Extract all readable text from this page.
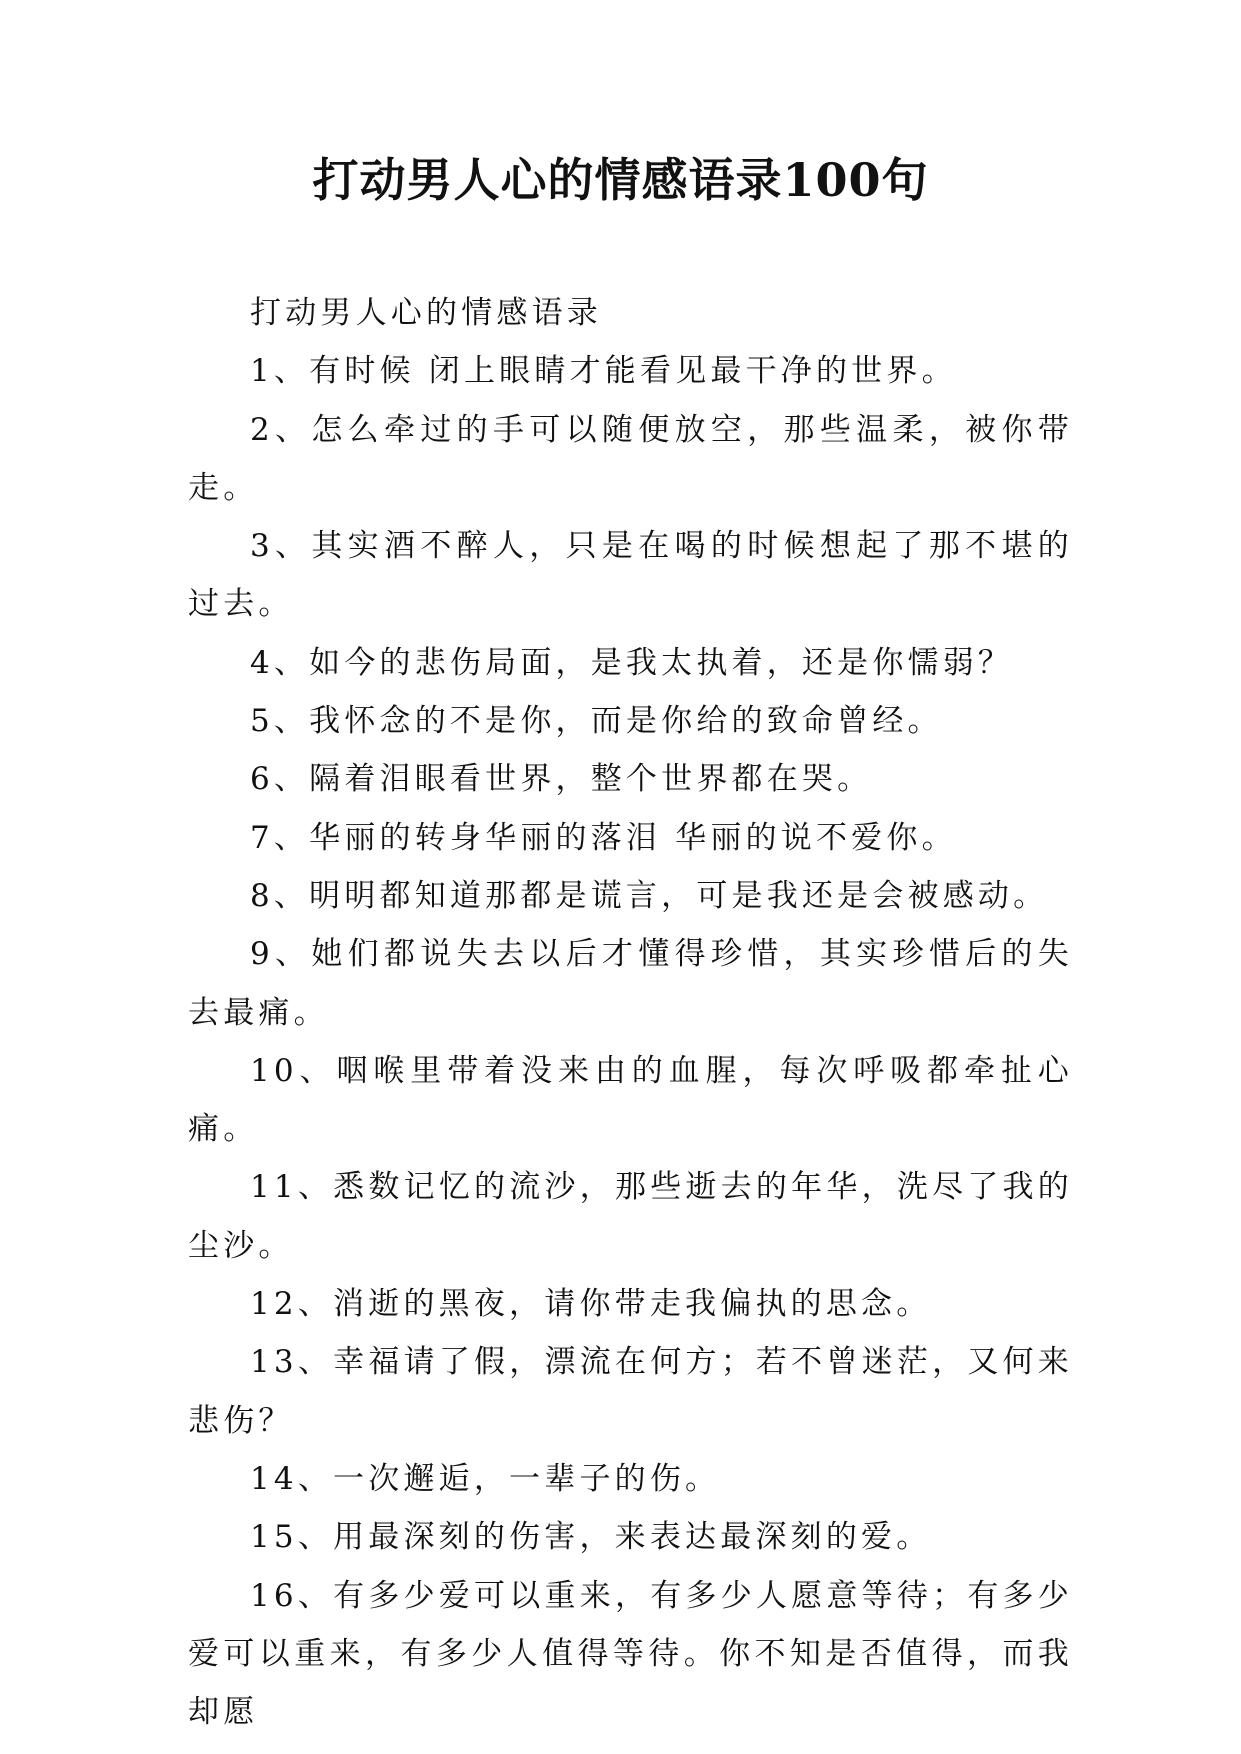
打动男人心的情感语录100句

打动男人心的情感语录

1、有时候 闭上眼睛才能看见最干净的世界。

2、怎么牵过的手可以随便放空，那些温柔，被你带走。

3、其实酒不醉人，只是在喝的时候想起了那不堪的过去。

4、如今的悲伤局面，是我太执着，还是你懦弱？

5、我怀念的不是你，而是你给的致命曾经。

6、隔着泪眼看世界，整个世界都在哭。

7、华丽的转身华丽的落泪 华丽的说不爱你。

8、明明都知道那都是谎言，可是我还是会被感动。

9、她们都说失去以后才懂得珍惜，其实珍惜后的失去最痛。

10、咽喉里带着没来由的血腥，每次呼吸都牵扯心痛。

11、悉数记忆的流沙，那些逝去的年华，洗尽了我的尘沙。

12、消逝的黑夜，请你带走我偏执的思念。

13、幸福请了假，漂流在何方；若不曾迷茫，又何来悲伤？

14、一次邂逅，一辈子的伤。

15、用最深刻的伤害，来表达最深刻的爱。

16、有多少爱可以重来，有多少人愿意等待；有多少爱可以重来，有多少人值得等待。你不知是否值得，而我却愿
